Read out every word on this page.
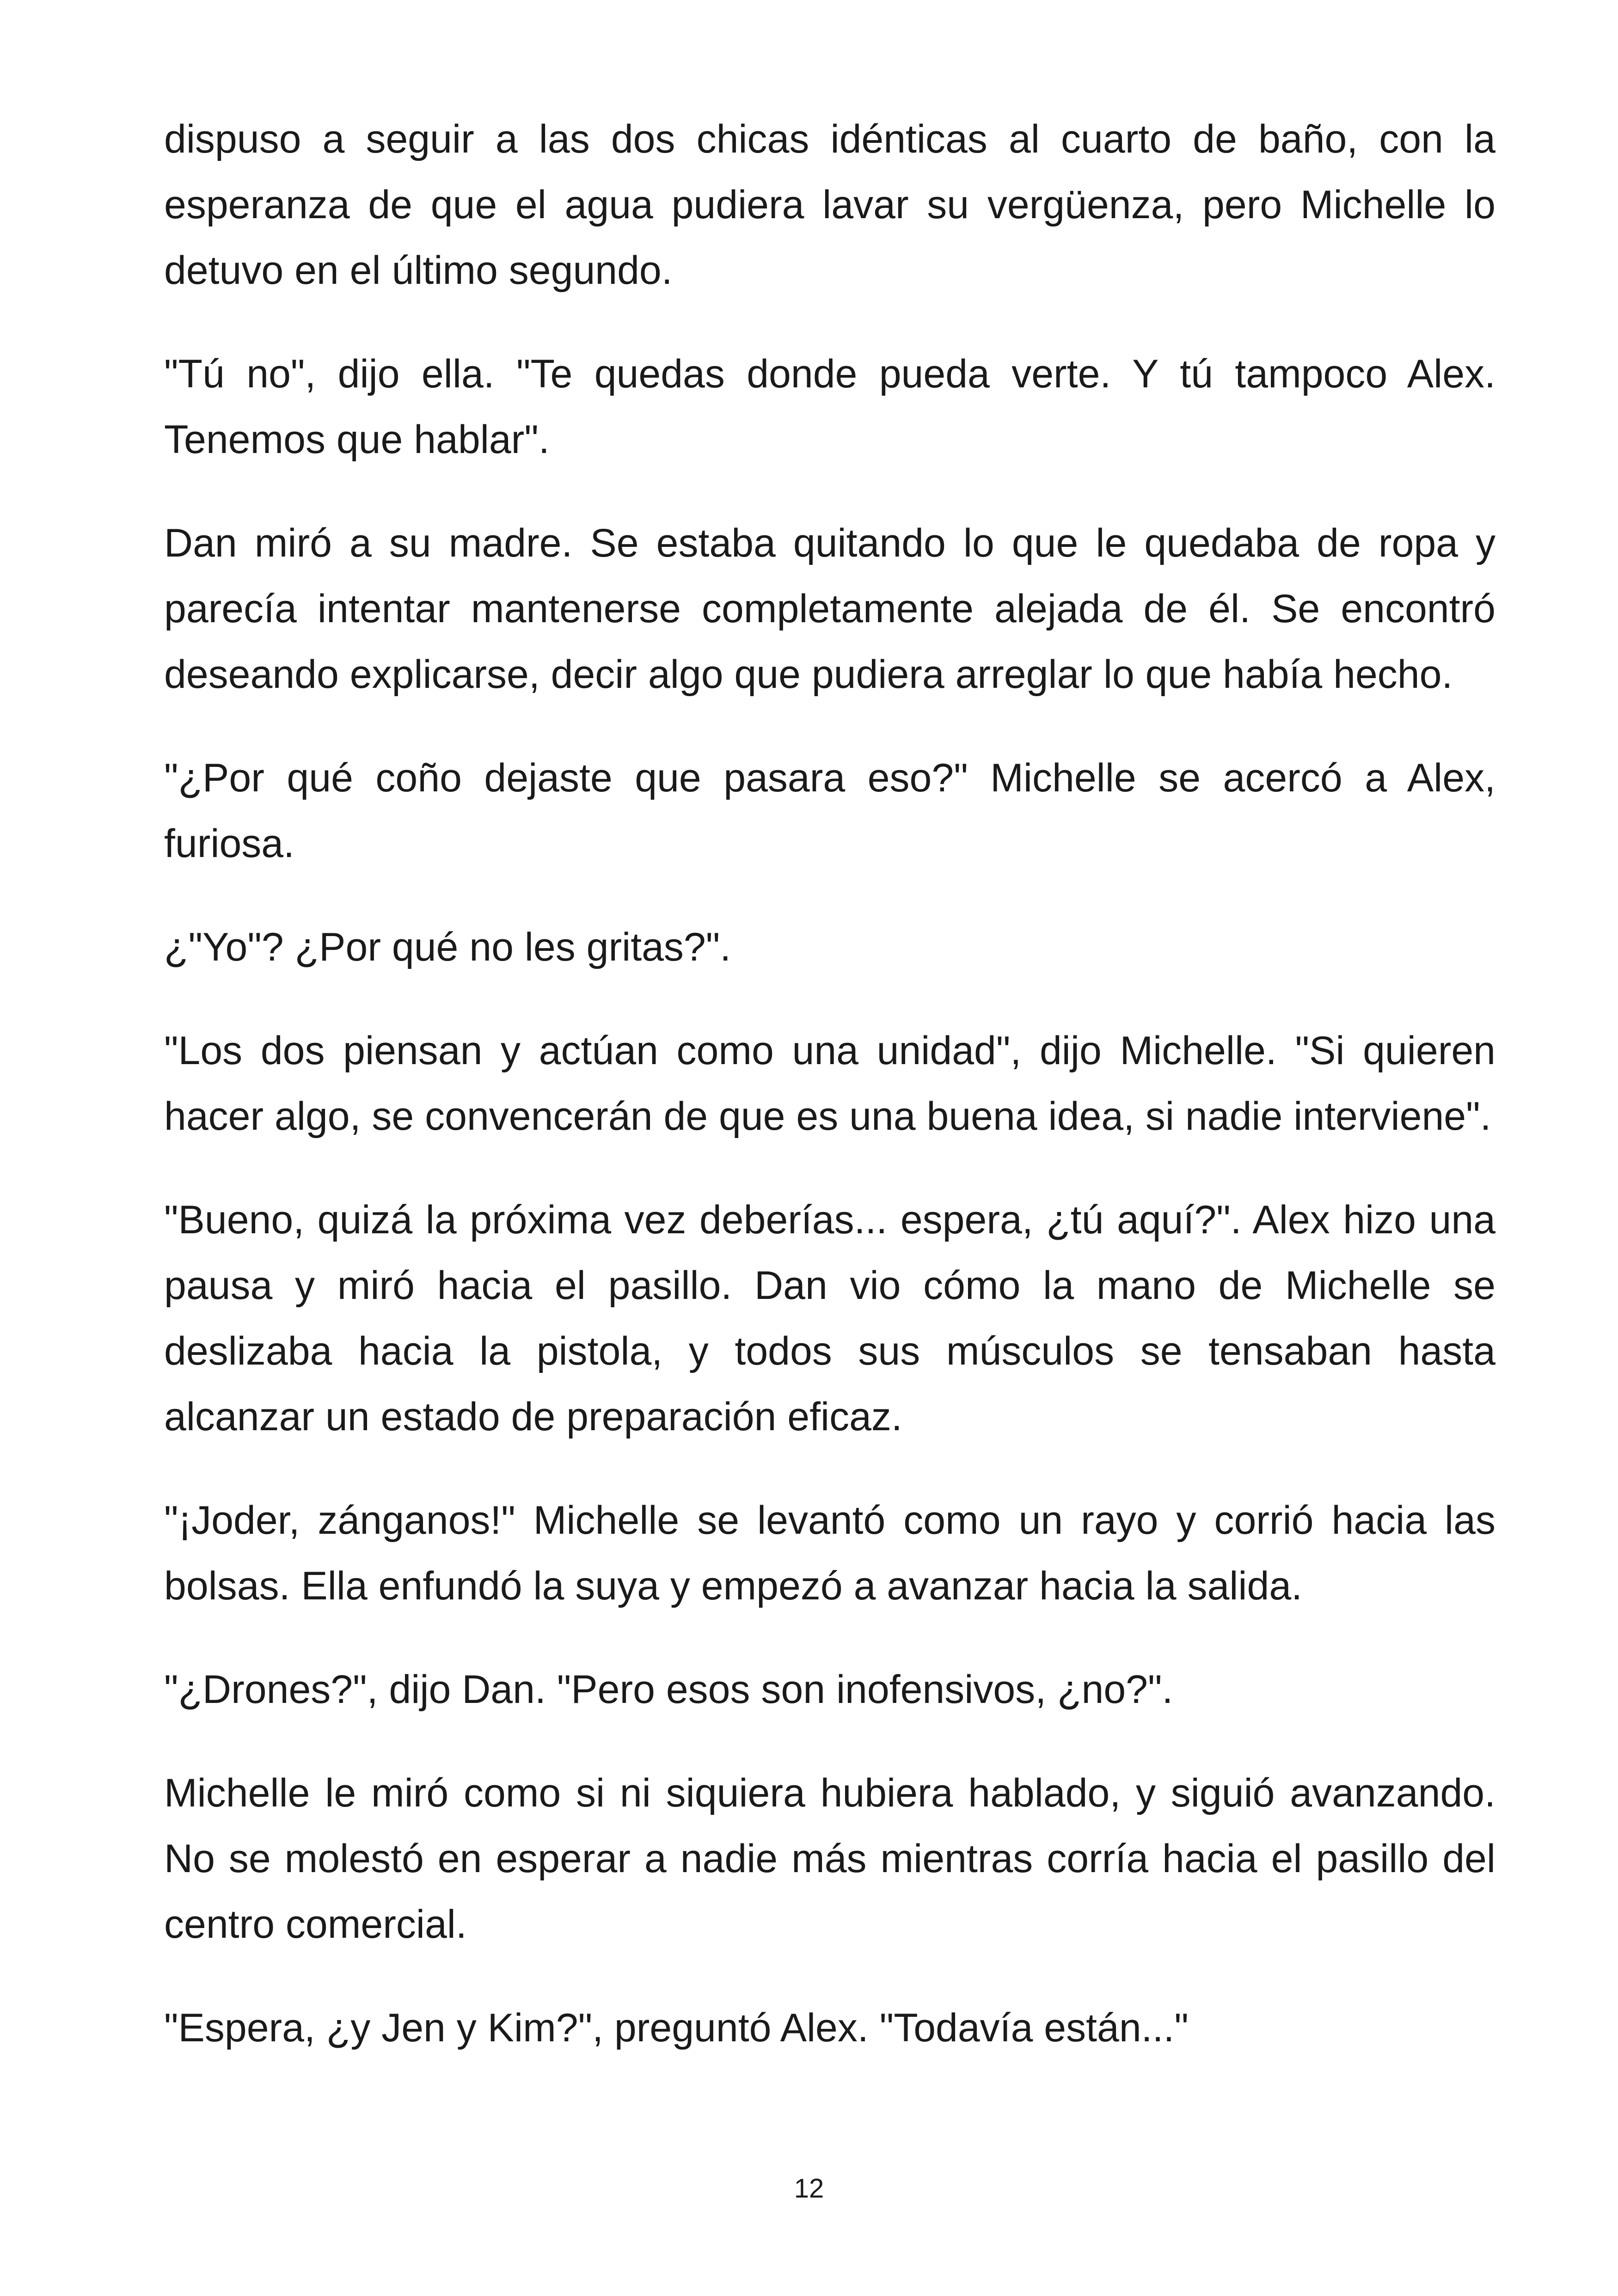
dispuso a seguir a las dos chicas idénticas al cuarto de baño, con la esperanza de que el agua pudiera lavar su vergüenza, pero Michelle lo detuvo en el último segundo.

"Tú no", dijo ella. "Te quedas donde pueda verte. Y tú tampoco Alex. Tenemos que hablar".

Dan miró a su madre. Se estaba quitando lo que le quedaba de ropa y parecía intentar mantenerse completamente alejada de él. Se encontró deseando explicarse, decir algo que pudiera arreglar lo que había hecho.

"¿Por qué coño dejaste que pasara eso?" Michelle se acercó a Alex, furiosa.

¿"Yo"? ¿Por qué no les gritas?".

"Los dos piensan y actúan como una unidad", dijo Michelle. "Si quieren hacer algo, se convencerán de que es una buena idea, si nadie interviene".

"Bueno, quizá la próxima vez deberías... espera, ¿tú aquí?". Alex hizo una pausa y miró hacia el pasillo. Dan vio cómo la mano de Michelle se deslizaba hacia la pistola, y todos sus músculos se tensaban hasta alcanzar un estado de preparación eficaz.

"¡Joder, zánganos!" Michelle se levantó como un rayo y corrió hacia las bolsas. Ella enfundó la suya y empezó a avanzar hacia la salida.

"¿Drones?", dijo Dan. "Pero esos son inofensivos, ¿no?".

Michelle le miró como si ni siquiera hubiera hablado, y siguió avanzando. No se molestó en esperar a nadie más mientras corría hacia el pasillo del centro comercial.

"Espera, ¿y Jen y Kim?", preguntó Alex. "Todavía están..."

12
